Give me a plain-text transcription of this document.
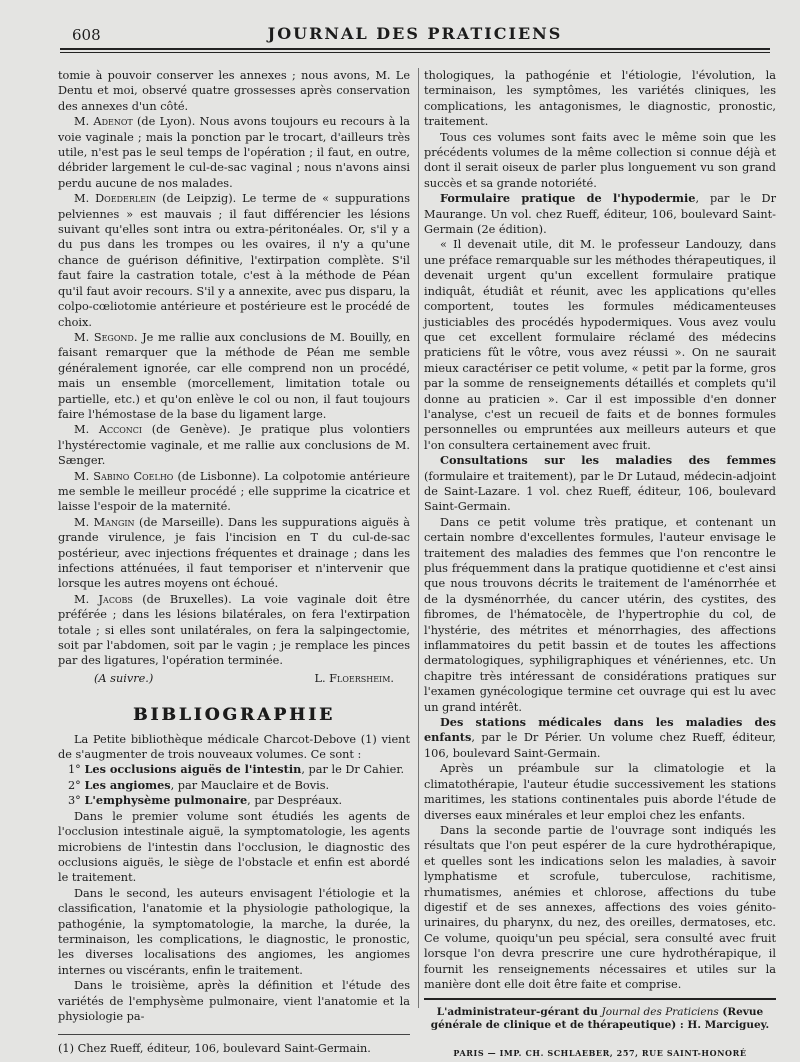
608	JOURNAL DES PRATICIENS

tomie à pouvoir conserver les annexes ; nous avons, M. Le Dentu et moi, observé quatre grossesses après conservation des annexes d'un côté.

M. Adenot (de Lyon). Nous avons toujours eu recours à la voie vaginale ; mais la ponction par le trocart, d'ailleurs très utile, n'est pas le seul temps de l'opération ; il faut, en outre, débrider largement le cul-de-sac vaginal ; nous n'avons ainsi perdu aucune de nos malades.

M. Doederlein (de Leipzig). Le terme de « suppurations pelviennes » est mauvais ; il faut différencier les lésions suivant qu'elles sont intra ou extra-péritonéales. Or, s'il y a du pus dans les trompes ou les ovaires, il n'y a qu'une chance de guérison définitive, l'extirpation complète. S'il faut faire la castration totale, c'est à la méthode de Péan qu'il faut avoir recours. S'il y a annexite, avec pus disparu, la colpo-cœliotomie antérieure et postérieure est le procédé de choix.

M. Segond. Je me rallie aux conclusions de M. Bouilly, en faisant remarquer que la méthode de Péan me semble généralement ignorée, car elle comprend non un procédé, mais un ensemble (morcellement, limitation totale ou partielle, etc.) et qu'on enlève le col ou non, il faut toujours faire l'hémostase de la base du ligament large.

M. Acconci (de Genève). Je pratique plus volontiers l'hystérectomie vaginale, et me rallie aux conclusions de M. Sænger.

M. Sabino Coelho (de Lisbonne). La colpotomie antérieure me semble le meilleur procédé ; elle supprime la cicatrice et laisse l'espoir de la maternité.

M. Mangin (de Marseille). Dans les suppurations aiguës à grande virulence, je fais l'incision en T du cul-de-sac postérieur, avec injections fréquentes et drainage ; dans les infections atténuées, il faut temporiser et n'intervenir que lorsque les autres moyens ont échoué.

M. Jacobs (de Bruxelles). La voie vaginale doit être préférée ; dans les lésions bilatérales, on fera l'extirpation totale ; si elles sont unilatérales, on fera la salpingectomie, soit par l'abdomen, soit par le vagin ; je remplace les pinces par des ligatures, l'opération terminée.

(A suivre.)	L. Floersheim.
BIBLIOGRAPHIE

La Petite bibliothèque médicale Charcot-Debove (1) vient de s'augmenter de trois nouveaux volumes. Ce sont :

1° Les occlusions aiguës de l'intestin, par le Dr Cahier.

2° Les angiomes, par Mauclaire et de Bovis.

3° L'emphysème pulmonaire, par Despréaux.

Dans le premier volume sont étudiés les agents de l'occlusion intestinale aiguë, la symptomatologie, les agents microbiens de l'intestin dans l'occlusion, le diagnostic des occlusions aiguës, le siège de l'obstacle et enfin est abordé le traitement.

Dans le second, les auteurs envisagent l'étiologie et la classification, l'anatomie et la physiologie pathologique, la pathogénie, la symptomatologie, la marche, la durée, la terminaison, les complications, le diagnostic, le pronostic, les diverses localisations des angiomes, les angiomes internes ou viscérants, enfin le traitement.

Dans le troisième, après la définition et l'étude des variétés de l'emphysème pulmonaire, vient l'anatomie et la physiologie pa-

(1) Chez Rueff, éditeur, 106, boulevard Saint-Germain.

thologiques, la pathogénie et l'étiologie, l'évolution, la terminaison, les symptômes, les variétés cliniques, les complications, les antagonismes, le diagnostic, pronostic, traitement.

Tous ces volumes sont faits avec le même soin que les précédents volumes de la même collection si connue déjà et dont il serait oiseux de parler plus longuement vu son grand succès et sa grande notoriété.

Formulaire pratique de l'hypodermie, par le Dr Maurange. Un vol. chez Rueff, éditeur, 106, boulevard Saint-Germain (2e édition).

« Il devenait utile, dit M. le professeur Landouzy, dans une préface remarquable sur les méthodes thérapeutiques, il devenait urgent qu'un excellent formulaire pratique indiquât, étudiât et réunit, avec les applications qu'elles comportent, toutes les formules médicamenteuses justiciables des procédés hypodermiques. Vous avez voulu que cet excellent formulaire réclamé des médecins praticiens fût le vôtre, vous avez réussi ». On ne saurait mieux caractériser ce petit volume, « petit par la forme, gros par la somme de renseignements détaillés et complets qu'il donne au praticien ». Car il est impossible d'en donner l'analyse, c'est un recueil de faits et de bonnes formules personnelles ou empruntées aux meilleurs auteurs et que l'on consultera certainement avec fruit.

Consultations sur les maladies des femmes (formulaire et traitement), par le Dr Lutaud, médecin-adjoint de Saint-Lazare. 1 vol. chez Rueff, éditeur, 106, boulevard Saint-Germain.

Dans ce petit volume très pratique, et contenant un certain nombre d'excellentes formules, l'auteur envisage le traitement des maladies des femmes que l'on rencontre le plus fréquemment dans la pratique quotidienne et c'est ainsi que nous trouvons décrits le traitement de l'aménorrhée et de la dysménorrhée, du cancer utérin, des cystites, des fibromes, de l'hématocèle, de l'hypertrophie du col, de l'hystérie, des métrites et ménorrhagies, des affections inflammatoires du petit bassin et de toutes les affections dermatologiques, syphiligraphiques et vénériennes, etc. Un chapitre très intéressant de considérations pratiques sur l'examen gynécologique termine cet ouvrage qui est lu avec un grand intérêt.

Des stations médicales dans les maladies des enfants, par le Dr Périer. Un volume chez Rueff, éditeur, 106, boulevard Saint-Germain.

Après un préambule sur la climatologie et la climatothérapie, l'auteur étudie successivement les stations maritimes, les stations continentales puis aborde l'étude de diverses eaux minérales et leur emploi chez les enfants.

Dans la seconde partie de l'ouvrage sont indiqués les résultats que l'on peut espérer de la cure hydrothérapique, et quelles sont les indications selon les maladies, à savoir lymphatisme et scrofule, tuberculose, rachitisme, rhumatismes, anémies et chlorose, affections du tube digestif et de ses annexes, affections des voies génito-urinaires, du pharynx, du nez, des oreilles, dermatoses, etc. Ce volume, quoiqu'un peu spécial, sera consulté avec fruit lorsque l'on devra prescrire une cure hydrothérapique, il fournit les renseignements nécessaires et utiles sur la manière dont elle doit être faite et comprise.

L'administrateur-gérant du Journal des Praticiens (Revue générale de clinique et de thérapeutique) : H. Marciguey.
PARIS — IMP. CH. SCHLAEBER, 257, RUE SAINT-HONORÉ
